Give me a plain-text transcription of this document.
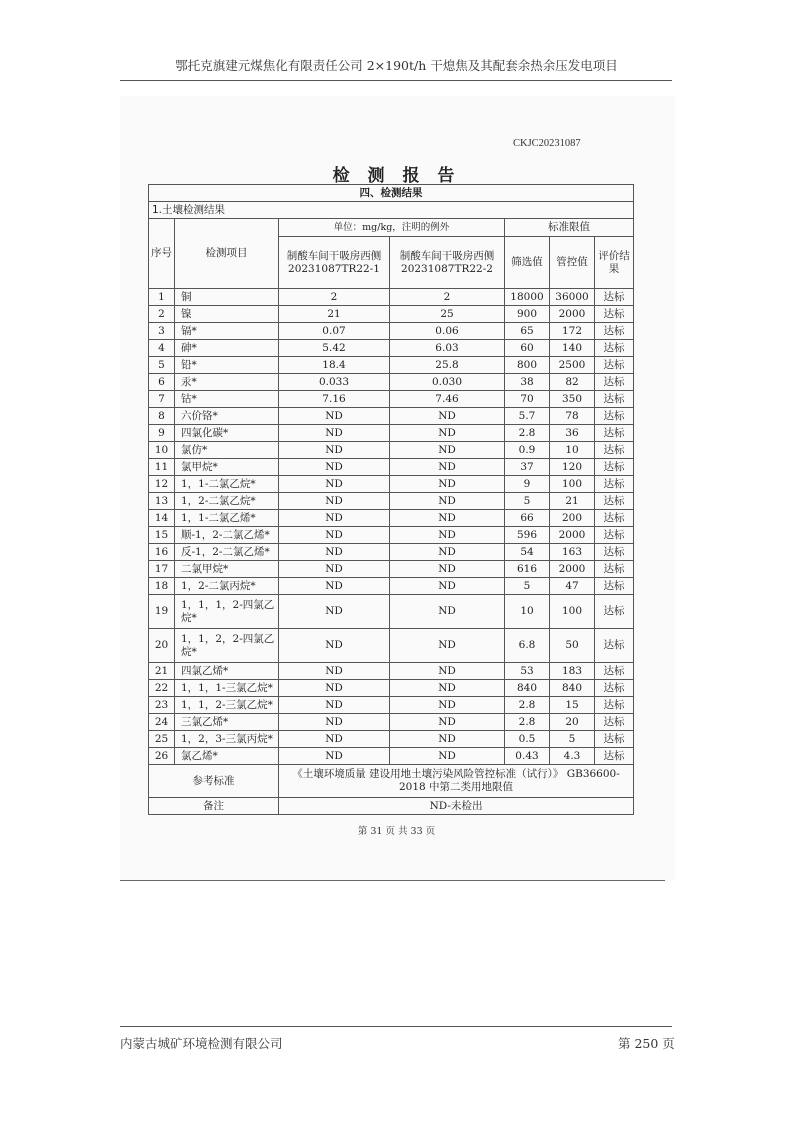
鄂托克旗建元煤焦化有限责任公司 2×190t/h 干熄焦及其配套余热余压发电项目
CKJC20231087
检 测 报 告
四、检测结果						
1.土壤检测结果						
序号	检测项目	单位：mg/kg，注明的例外		标准限值		
		制酸车间干吸房西侧 20231087TR22-1	制酸车间干吸房西侧 20231087TR22-2	筛选值	管控值	评价结果
1	铜	2	2	18000	36000	达标
2	镍	21	25	900	2000	达标
3	镉*	0.07	0.06	65	172	达标
4	砷*	5.42	6.03	60	140	达标
5	铅*	18.4	25.8	800	2500	达标
6	汞*	0.033	0.030	38	82	达标
7	钴*	7.16	7.46	70	350	达标
8	六价铬*	ND	ND	5.7	78	达标
9	四氯化碳*	ND	ND	2.8	36	达标
10	氯仿*	ND	ND	0.9	10	达标
11	氯甲烷*	ND	ND	37	120	达标
12	1，1-二氯乙烷*	ND	ND	9	100	达标
13	1，2-二氯乙烷*	ND	ND	5	21	达标
14	1，1-二氯乙烯*	ND	ND	66	200	达标
15	顺-1，2-二氯乙烯*	ND	ND	596	2000	达标
16	反-1，2-二氯乙烯*	ND	ND	54	163	达标
17	二氯甲烷*	ND	ND	616	2000	达标
18	1，2-二氯丙烷*	ND	ND	5	47	达标
19	1，1，1，2-四氯乙烷*	ND	ND	10	100	达标
20	1，1，2，2-四氯乙烷*	ND	ND	6.8	50	达标
21	四氯乙烯*	ND	ND	53	183	达标
22	1，1，1-三氯乙烷*	ND	ND	840	840	达标
23	1，1，2-三氯乙烷*	ND	ND	2.8	15	达标
24	三氯乙烯*	ND	ND	2.8	20	达标
25	1，2，3-三氯丙烷*	ND	ND	0.5	5	达标
26	氯乙烯*	ND	ND	0.43	4.3	达标
参考标准		《土壤环境质量 建设用地土壤污染风险管控标准（试行）》 GB36600-2018 中第二类用地限值				
备注		ND-未检出				
第 31 页 共 33 页
内蒙古城矿环境检测有限公司	第 250 页
